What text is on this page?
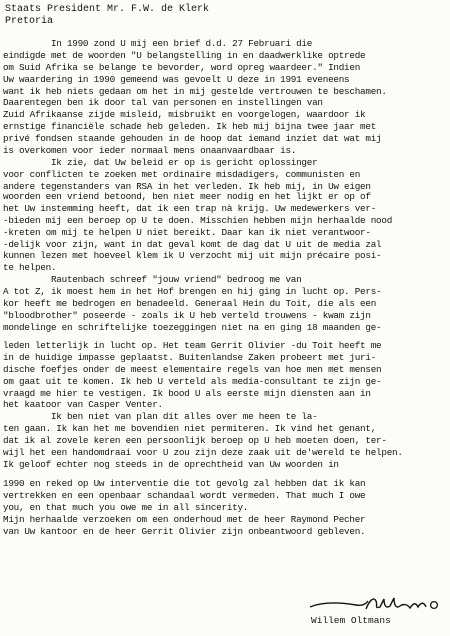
Staats President Mr. F.W. de Klerk
Pretoria
In 1990 zond U mij een brief d.d. 27 Februari die
eindigde met de woorden "U belangstelling in en daadwerklike optrede
om Suid Afrika se belange te bevorder, word opreg waardeer." Indien
Uw waardering in 1990 gemeend was gevoelt U deze in 1991 eveneens
want ik heb niets gedaan om het in mij gestelde vertrouwen te beschamen.
Daarentegen ben ik door tal van personen en instellingen van
Zuid Afrikaanse zijde misleid, misbruikt en voorgelogen, waardoor ik
ernstige financiële schade heb geleden. Ik heb mij bijna twee jaar met
privé fondsen staande gehouden in de hoop dat iemand inziet dat wat mij
is overkomen voor ieder normaal mens onaanvaardbaar is.
Ik zie, dat Uw beleid er op is gericht oplossinger
voor conflicten te zoeken met ordinaire misdadigers, communisten en
andere tegenstanders van RSA in het verleden. Ik heb mij, in Uw eigen
woorden een vriend betoond, ben niet meer nodig en het lijkt er op of
het Uw instemming heeft, dat ik een trap nà krijg. Uw medewerkers ver-
-bieden mij een beroep op U te doen. Misschien hebben mijn herhaalde nood
-kreten om mij te helpen U niet bereikt. Daar kan ik niet verantwoor-
-delijk voor zijn, want in dat geval komt de dag dat U uit de media zal
kunnen lezen met hoeveel klem ik U verzocht mij uit mijn précaire posi-
te helpen.
Rautenbach schreef "jouw vriend" bedroog me van
A tot Z, ik moest hem in het Hof brengen en hij ging in lucht op. Pers-
kor heeft me bedrogen en benadeeld. Generaal Hein du Toit, die als een
"bloodbrother" poseerde - zoals ik U heb verteld trouwens - kwam zijn
mondelinge en schriftelijke toezeggingen niet na en ging 18 maanden ge-
leden letterlijk in lucht op. Het team Gerrit Olivier -du Toit heeft me
in de huidige impasse geplaatst. Buitenlandse Zaken probeert met juri-
dische foefjes onder de meest elementaire regels van hoe men met mensen
om gaat uit te komen. Ik heb U verteld als media-consultant te zijn ge-
vraagd me hier te vestigen. Ik bood U als eerste mijn diensten aan in
het kaatoor van Casper Venter.
Ik ben niet van plan dit alles over me heen te la-
ten gaan. Ik kan het me bovendien niet permiteren. Ik vind het genant,
dat ik al zovele keren een persoonlijk beroep op U heb moeten doen, ter-
wijl het een handomdraai voor U zou zijn deze zaak uit de'wereld te helpen.
Ik geloof echter nog steeds in de oprechtheid van Uw woorden in
1990 en reked op Uw interventie die tot gevolg zal hebben dat ik kan
vertrekken en een openbaar schandaal wordt vermeden. That much I owe
you, en that much you owe me in all sincerity.
Mijn herhaalde verzoeken om een onderhoud met de heer Raymond Pecher
van Uw kantoor en de heer Gerrit Olivier zijn onbeantwoord gebleven.
Willem Oltmans
